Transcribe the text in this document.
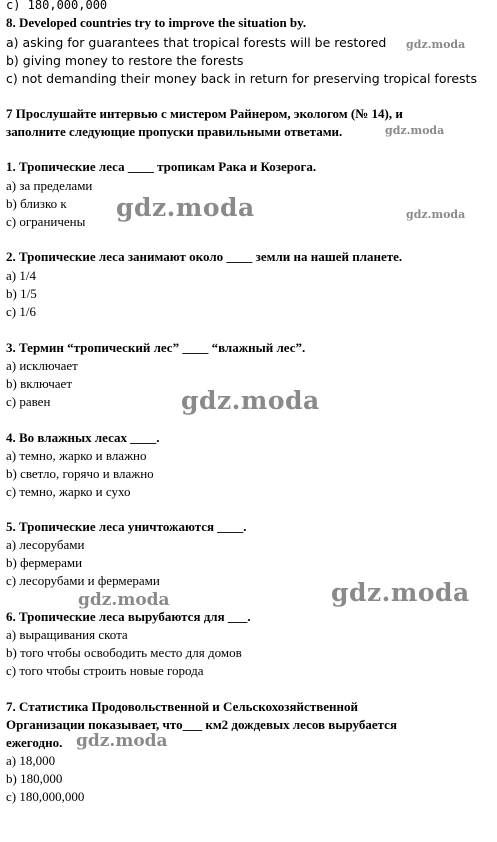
c) 180,000,000
8. Developed countries try to improve the situation by.
a) asking for guarantees that tropical forests will be restored
b) giving money to restore the forests
c) not demanding their money back in return for preserving tropical forests
7 Прослушайте интервью с мистером Райнером, экологом (№ 14), и
заполните следующие пропуски правильными ответами.
1. Тропические леса ____ тропикам Рака и Козерога.
a) за пределами
b) близко к
c) ограничены
2. Тропические леса занимают около ____ земли на нашей планете.
a) 1/4
b) 1/5
c) 1/6
3. Термин “тропический лес” ____ “влажный лес”.
a) исключает
b) включает
c) равен
4. Во влажных лесах ____.
a) темно, жарко и влажно
b) светло, горячо и влажно
c) темно, жарко и сухо
5. Тропические леса уничтожаются ____.
a) лесорубами
b) фермерами
c) лесорубами и фермерами
6. Тропические леса вырубаются для ___.
a) выращивания скота
b) того чтобы освободить место для домов
c) того чтобы строить новые города
7. Статистика Продовольственной и Сельскохозяйственной
Организации показывает, что___ км2 дождевых лесов вырубается
ежегодно.
a) 18,000
b) 180,000
c) 180,000,000
gdz.moda
gdz.moda
gdz.moda	gdz.moda
gdz.moda
gdz.moda
gdz.moda
gdz.moda
